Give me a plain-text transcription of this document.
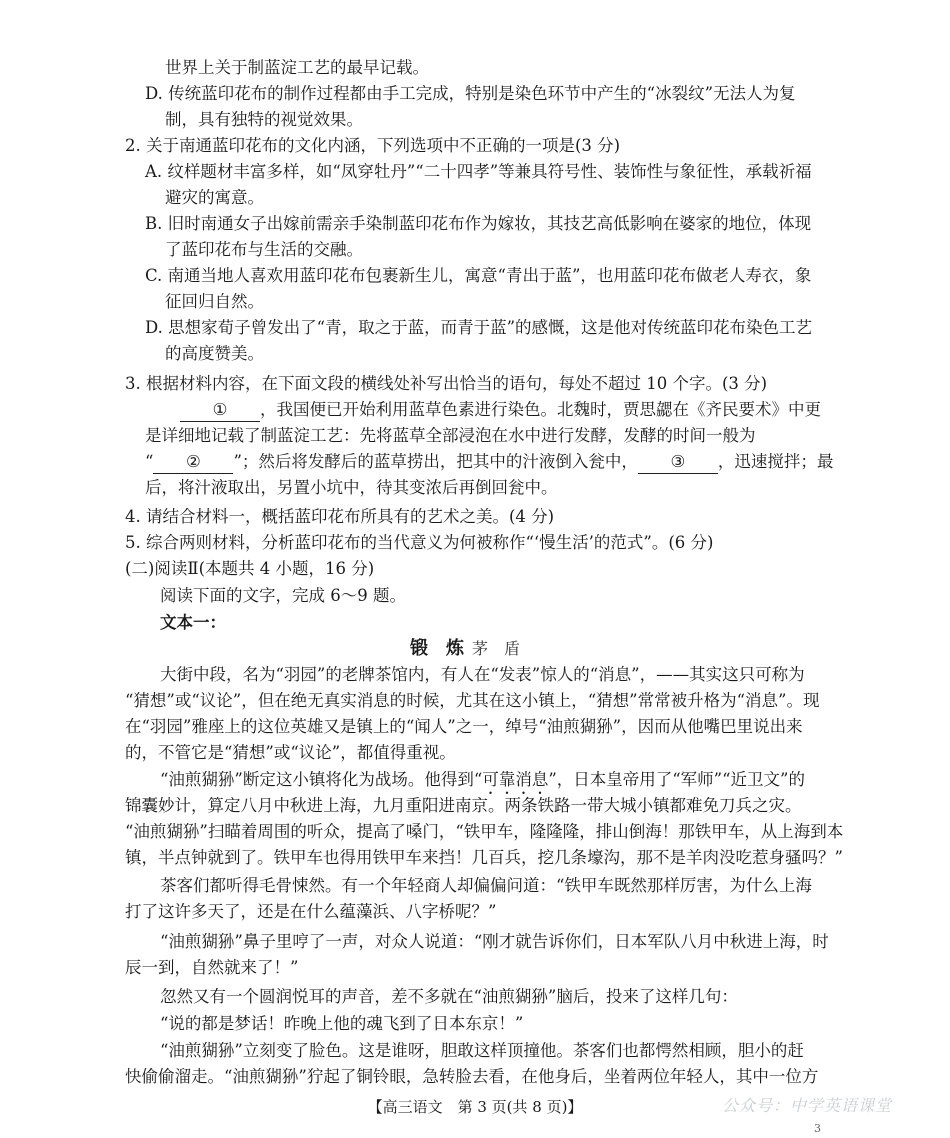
世界上关于制蓝淀工艺的最早记载。
D. 传统蓝印花布的制作过程都由手工完成，特别是染色环节中产生的“冰裂纹”无法人为复
制，具有独特的视觉效果。
2. 关于南通蓝印花布的文化内涵，下列选项中不正确的一项是(3 分)
A. 纹样题材丰富多样，如“凤穿牡丹”“二十四孝”等兼具符号性、装饰性与象征性，承载祈福
避灾的寓意。
B. 旧时南通女子出嫁前需亲手染制蓝印花布作为嫁妆，其技艺高低影响在婆家的地位，体现
了蓝印花布与生活的交融。
C. 南通当地人喜欢用蓝印花布包裹新生儿，寓意“青出于蓝”，也用蓝印花布做老人寿衣，象
征回归自然。
D. 思想家荀子曾发出了“青，取之于蓝，而青于蓝”的感慨，这是他对传统蓝印花布染色工艺
的高度赞美。
3. 根据材料内容，在下面文段的横线处补写出恰当的语句，每处不超过 10 个字。(3 分)
① ，我国便已开始利用蓝草色素进行染色。北魏时，贾思勰在《齐民要术》中更
是详细地记载了制蓝淀工艺：先将蓝草全部浸泡在水中进行发酵，发酵的时间一般为
“ ② ”；然后将发酵后的蓝草捞出，把其中的汁液倒入瓮中， ③ ，迅速搅拌；最
后，将汁液取出，另置小坑中，待其变浓后再倒回瓮中。
4. 请结合材料一，概括蓝印花布所具有的艺术之美。(4 分)
5. 综合两则材料，分析蓝印花布的当代意义为何被称作“‘慢生活’的范式”。(6 分)
(二)阅读Ⅱ(本题共 4 小题，16 分)
阅读下面的文字，完成 6～9 题。
文本一：
锻 炼 茅　盾
大街中段，名为“羽园”的老牌茶馆内，有人在“发表”惊人的“消息”，——其实这只可称为
“猜想”或“议论”，但在绝无真实消息的时候，尤其在这小镇上，“猜想”常常被升格为“消息”。现
在“羽园”雅座上的这位英雄又是镇上的“闻人”之一，绰号“油煎猢狲”，因而从他嘴巴里说出来
的，不管它是“猜想”或“议论”，都值得重视。
“油煎猢狲”断定这小镇将化为战场。他得到“可靠消息”，日本皇帝用了“军师”“近卫文”的
锦囊妙计，算定八月中秋进上海，九月重阳进南京。两条铁路一带大城小镇都难免刀兵之灾。
“油煎猢狲”扫瞄着周围的听众，提高了嗓门，“铁甲车，隆隆隆，排山倒海！那铁甲车，从上海到本
镇，半点钟就到了。铁甲车也得用铁甲车来挡！几百兵，挖几条壕沟，那不是羊肉没吃惹身骚吗？”
茶客们都听得毛骨悚然。有一个年轻商人却偏偏问道：“铁甲车既然那样厉害，为什么上海
打了这许多天了，还是在什么蕴藻浜、八字桥呢？”
“油煎猢狲”鼻子里哼了一声，对众人说道：“刚才就告诉你们，日本军队八月中秋进上海，时
辰一到，自然就来了！”
忽然又有一个圆润悦耳的声音，差不多就在“油煎猢狲”脑后，投来了这样几句：
“说的都是梦话！昨晚上他的魂飞到了日本东京！”
“油煎猢狲”立刻变了脸色。这是谁呀，胆敢这样顶撞他。茶客们也都愕然相顾，胆小的赶
快偷偷溜走。“油煎猢狲”狞起了铜铃眼，急转脸去看，在他身后，坐着两位年轻人，其中一位方
【高三语文　第 3 页(共 8 页)】	公众号：中学英语课堂
3
